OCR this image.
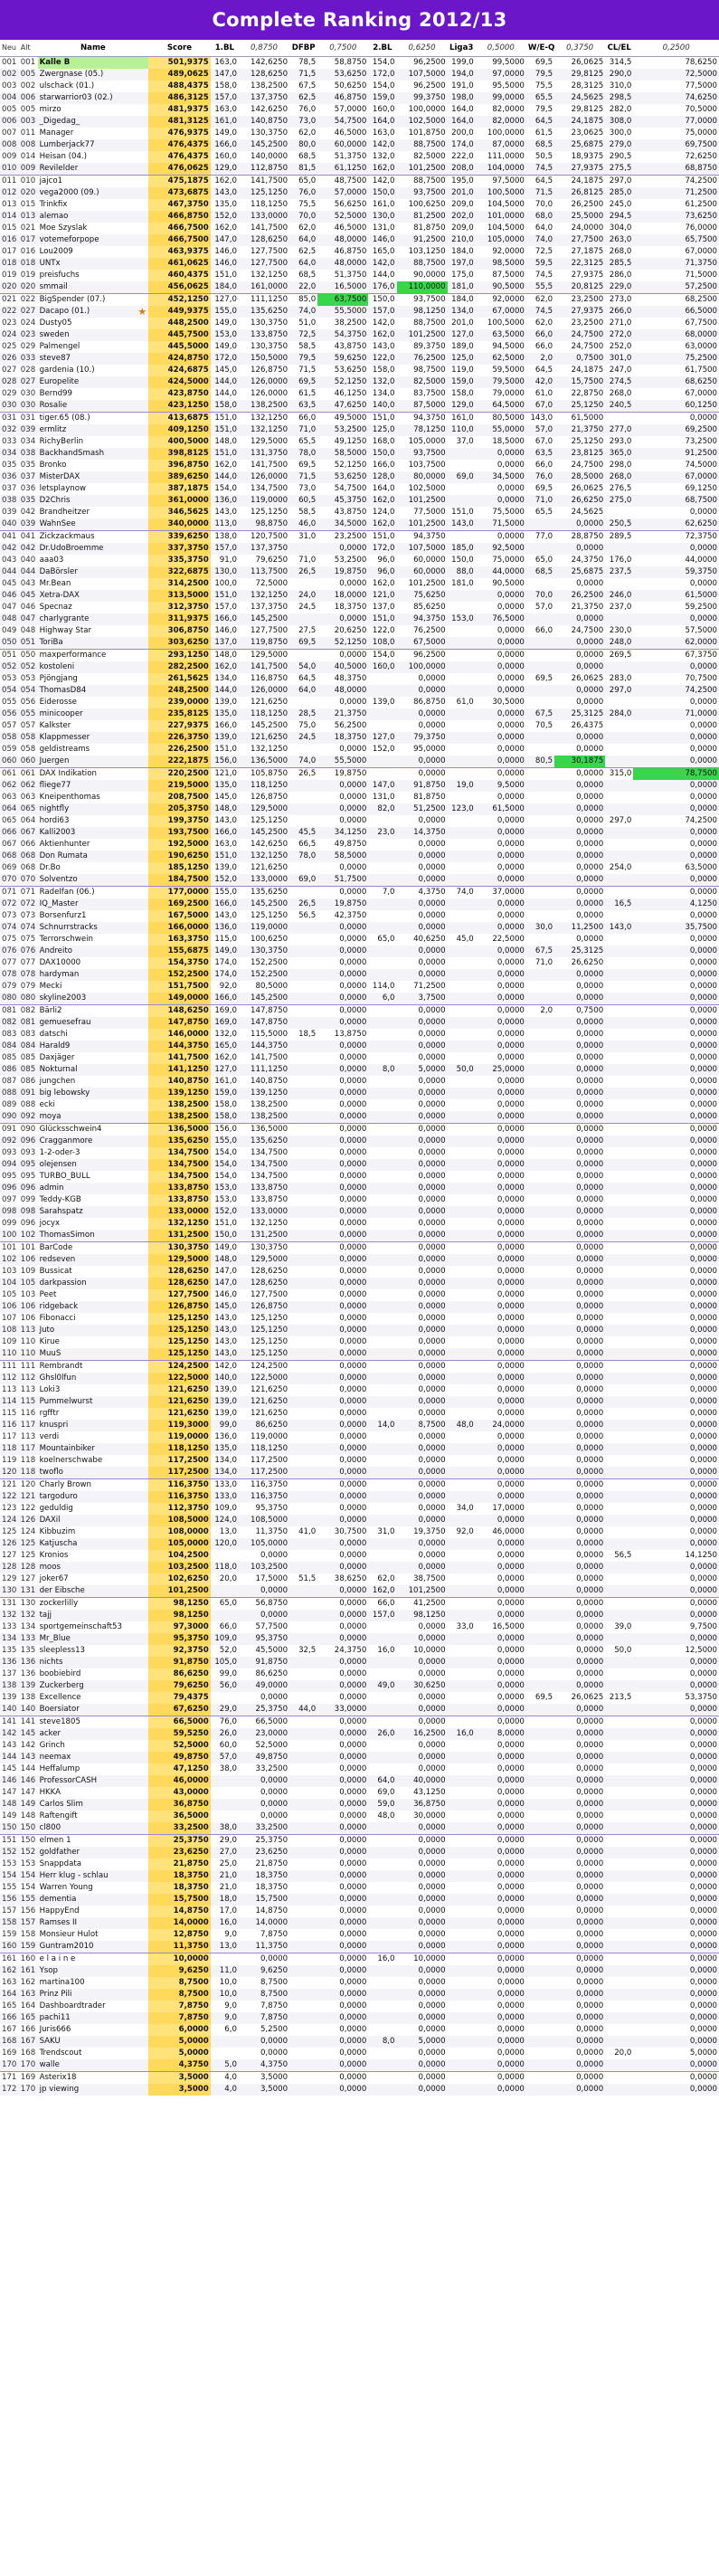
Complete Ranking 2012/13
Neu	Alt	Name	Score	1.BL	0,8750	DFBP	0,7500	2.BL	0,6250	Liga3	0,5000	W/E-Q	0,3750	CL/EL	0,2500
001	001	Kalle B	501,9375	163,0	142,6250	78,5	58,8750	154,0	96,2500	199,0	99,5000	69,5	26,0625	314,5	78,6250
002	005	Zwergnase (05.)	489,0625	147,0	128,6250	71,5	53,6250	172,0	107,5000	194,0	97,0000	79,5	29,8125	290,0	72,5000
003	002	ulschack (01.)	488,4375	158,0	138,2500	67,5	50,6250	154,0	96,2500	191,0	95,5000	75,5	28,3125	310,0	77,5000
004	006	starwarrior03 (02.)	486,3125	157,0	137,3750	62,5	46,8750	159,0	99,3750	198,0	99,0000	65,5	24,5625	298,5	74,6250
005	005	mirzo	481,9375	163,0	142,6250	76,0	57,0000	160,0	100,0000	164,0	82,0000	79,5	29,8125	282,0	70,5000
006	003	_Digedag_	481,3125	161,0	140,8750	73,0	54,7500	164,0	102,5000	164,0	82,0000	64,5	24,1875	308,0	77,0000
007	011	Manager	476,9375	149,0	130,3750	62,0	46,5000	163,0	101,8750	200,0	100,0000	61,5	23,0625	300,0	75,0000
008	008	Lumberjack77	476,4375	166,0	145,2500	80,0	60,0000	142,0	88,7500	174,0	87,0000	68,5	25,6875	279,0	69,7500
009	014	Heisan (04.)	476,4375	160,0	140,0000	68,5	51,3750	132,0	82,5000	222,0	111,0000	50,5	18,9375	290,5	72,6250
010	009	Revilelder	476,0625	129,0	112,8750	81,5	61,1250	162,0	101,2500	208,0	104,0000	74,5	27,9375	275,5	68,8750
011	010	jajco1	475,1875	162,0	141,7500	65,0	48,7500	142,0	88,7500	195,0	97,5000	64,5	24,1875	297,0	74,2500
012	020	vega2000 (09.)	473,6875	143,0	125,1250	76,0	57,0000	150,0	93,7500	201,0	100,5000	71,5	26,8125	285,0	71,2500
013	015	Trinkfix	467,3750	135,0	118,1250	75,5	56,6250	161,0	100,6250	209,0	104,5000	70,0	26,2500	245,0	61,2500
014	013	alemao	466,8750	152,0	133,0000	70,0	52,5000	130,0	81,2500	202,0	101,0000	68,0	25,5000	294,5	73,6250
015	021	Moe Szyslak	466,7500	162,0	141,7500	62,0	46,5000	131,0	81,8750	209,0	104,5000	64,0	24,0000	304,0	76,0000
016	017	votemeforpope	466,7500	147,0	128,6250	64,0	48,0000	146,0	91,2500	210,0	105,0000	74,0	27,7500	263,0	65,7500
017	016	Lou2009	463,9375	146,0	127,7500	62,5	46,8750	165,0	103,1250	184,0	92,0000	72,5	27,1875	268,0	67,0000
018	018	UNTx	461,0625	146,0	127,7500	64,0	48,0000	142,0	88,7500	197,0	98,5000	59,5	22,3125	285,5	71,3750
019	019	preisfuchs	460,4375	151,0	132,1250	68,5	51,3750	144,0	90,0000	175,0	87,5000	74,5	27,9375	286,0	71,5000
020	020	smmail	456,0625	184,0	161,0000	22,0	16,5000	176,0	110,0000	181,0	90,5000	55,5	20,8125	229,0	57,2500
021	022	BigSpender (07.)	452,1250	127,0	111,1250	85,0	63,7500	150,0	93,7500	184,0	92,0000	62,0	23,2500	273,0	68,2500
022	027	Dacapo (01.) ★	449,9375	155,0	135,6250	74,0	55,5000	157,0	98,1250	134,0	67,0000	74,5	27,9375	266,0	66,5000
023	024	Dusty05	448,2500	149,0	130,3750	51,0	38,2500	142,0	88,7500	201,0	100,5000	62,0	23,2500	271,0	67,7500
024	023	sweden	445,7500	153,0	133,8750	72,5	54,3750	162,0	101,2500	127,0	63,5000	66,0	24,7500	272,0	68,0000
025	029	Palmengel	445,5000	149,0	130,3750	58,5	43,8750	143,0	89,3750	189,0	94,5000	66,0	24,7500	252,0	63,0000
026	033	steve87	424,8750	172,0	150,5000	79,5	59,6250	122,0	76,2500	125,0	62,5000	2,0	0,7500	301,0	75,2500
027	028	gardenia (10.)	424,6875	145,0	126,8750	71,5	53,6250	158,0	98,7500	119,0	59,5000	64,5	24,1875	247,0	61,7500
028	027	Europelite	424,5000	144,0	126,0000	69,5	52,1250	132,0	82,5000	159,0	79,5000	42,0	15,7500	274,5	68,6250
029	030	Bernd99	423,8750	144,0	126,0000	61,5	46,1250	134,0	83,7500	158,0	79,0000	61,0	22,8750	268,0	67,0000
030	030	Rosalie	423,1250	158,0	138,2500	63,5	47,6250	140,0	87,5000	129,0	64,5000	67,0	25,1250	240,5	60,1250
031	031	tiger.65 (08.)	413,6875	151,0	132,1250	66,0	49,5000	151,0	94,3750	161,0	80,5000	143,0	61,5000		0,0000
032	039	ermlitz	409,1250	151,0	132,1250	71,0	53,2500	125,0	78,1250	110,0	55,0000	57,0	21,3750	277,0	69,2500
033	034	RichyBerlin	400,5000	148,0	129,5000	65,5	49,1250	168,0	105,0000	37,0	18,5000	67,0	25,1250	293,0	73,2500
034	038	BackhandSmash	398,8125	151,0	131,3750	78,0	58,5000	150,0	93,7500		0,0000	63,5	23,8125	365,0	91,2500
035	035	Bronko	396,8750	162,0	141,7500	69,5	52,1250	166,0	103,7500		0,0000	66,0	24,7500	298,0	74,5000
036	037	MisterDAX	389,6250	144,0	126,0000	71,5	53,6250	128,0	80,0000	69,0	34,5000	76,0	28,5000	268,0	67,0000
037	036	letsplaynow	387,1875	154,0	134,7500	73,0	54,7500	164,0	102,5000		0,0000	69,5	26,0625	276,5	69,1250
038	035	D2Chris	361,0000	136,0	119,0000	60,5	45,3750	162,0	101,2500		0,0000	71,0	26,6250	275,0	68,7500
039	042	Brandheitzer	346,5625	143,0	125,1250	58,5	43,8750	124,0	77,5000	151,0	75,5000	65,5	24,5625		0,0000
040	039	WahnSee	340,0000	113,0	98,8750	46,0	34,5000	162,0	101,2500	143,0	71,5000		0,0000	250,5	62,6250
041	041	Zickzackmaus	339,6250	138,0	120,7500	31,0	23,2500	151,0	94,3750		0,0000	77,0	28,8750	289,5	72,3750
042	042	Dr.UdoBroemme	337,3750	157,0	137,3750		0,0000	172,0	107,5000	185,0	92,5000		0,0000		0,0000
043	040	aaa03	335,3750	91,0	79,6250	71,0	53,2500	96,0	60,0000	150,0	75,0000	65,0	24,3750	176,0	44,0000
044	044	DaBörsler	322,6875	130,0	113,7500	26,5	19,8750	96,0	60,0000	88,0	44,0000	68,5	25,6875	237,5	59,3750
045	043	Mr.Bean	314,2500	100,0	72,5000		0,0000	162,0	101,2500	181,0	90,5000		0,0000		0,0000
046	045	Xetra-DAX	313,5000	151,0	132,1250	24,0	18,0000	121,0	75,6250		0,0000	70,0	26,2500	246,0	61,5000
047	046	Specnaz	312,3750	157,0	137,3750	24,5	18,3750	137,0	85,6250		0,0000	57,0	21,3750	237,0	59,2500
048	047	charlygrante	311,9375	166,0	145,2500		0,0000	151,0	94,3750	153,0	76,5000		0,0000		0,0000
049	048	Highway Star	306,8750	146,0	127,7500	27,5	20,6250	122,0	76,2500		0,0000	66,0	24,7500	230,0	57,5000
050	051	ToriBa	303,6250	137,0	119,8750	69,5	52,1250	108,0	67,5000		0,0000		0,0000	248,0	62,0000
051	050	maxperformance	293,1250	148,0	129,5000		0,0000	154,0	96,2500		0,0000		0,0000	269,5	67,3750
052	052	kostoleni	282,2500	162,0	141,7500	54,0	40,5000	160,0	100,0000		0,0000		0,0000		0,0000
053	053	Pjöngjang	261,5625	134,0	116,8750	64,5	48,3750		0,0000		0,0000	69,5	26,0625	283,0	70,7500
054	054	ThomasD84	248,2500	144,0	126,0000	64,0	48,0000		0,0000		0,0000		0,0000	297,0	74,2500
055	056	Eiderosse	239,0000	139,0	121,6250		0,0000	139,0	86,8750	61,0	30,5000		0,0000		0,0000
056	055	minicooper	235,8125	135,0	118,1250	28,5	21,3750		0,0000		0,0000	67,5	25,3125	284,0	71,0000
057	057	Kalkster	227,9375	166,0	145,2500	75,0	56,2500		0,0000		0,0000	70,5	26,4375		0,0000
058	058	Klappmesser	226,3750	139,0	121,6250	24,5	18,3750	127,0	79,3750		0,0000		0,0000		0,0000
059	058	geldistreams	226,2500	151,0	132,1250		0,0000	152,0	95,0000		0,0000		0,0000		0,0000
060	060	Juergen	222,1875	156,0	136,5000	74,0	55,5000		0,0000		0,0000	80,5	30,1875		0,0000
061	061	DAX Indikation	220,2500	121,0	105,8750	26,5	19,8750		0,0000		0,0000		0,0000	315,0	78,7500
062	062	fliege77	219,5000	135,0	118,1250		0,0000	147,0	91,8750	19,0	9,5000		0,0000		0,0000
063	063	Kneipenthomas	208,7500	145,0	126,8750		0,0000	131,0	81,8750		0,0000		0,0000		0,0000
064	065	nightfly	205,3750	148,0	129,5000		0,0000	82,0	51,2500	123,0	61,5000		0,0000		0,0000
065	064	hordi63	199,3750	143,0	125,1250		0,0000		0,0000		0,0000		0,0000	297,0	74,2500
066	067	Kalli2003	193,7500	166,0	145,2500	45,5	34,1250	23,0	14,3750		0,0000		0,0000		0,0000
067	066	Aktienhunter	192,5000	163,0	142,6250	66,5	49,8750		0,0000		0,0000		0,0000		0,0000
068	068	Don Rumata	190,6250	151,0	132,1250	78,0	58,5000		0,0000		0,0000		0,0000		0,0000
069	068	Dr.Bo	185,1250	139,0	121,6250		0,0000		0,0000		0,0000		0,0000	254,0	63,5000
070	070	Solventzo	184,7500	152,0	133,0000	69,0	51,7500		0,0000		0,0000		0,0000		0,0000
071	071	Radelfan (06.)	177,0000	155,0	135,6250		0,0000	7,0	4,3750	74,0	37,0000		0,0000		0,0000
072	072	IQ_Master	169,2500	166,0	145,2500	26,5	19,8750		0,0000		0,0000		0,0000	16,5	4,1250
073	073	Borsenfurz1	167,5000	143,0	125,1250	56,5	42,3750		0,0000		0,0000		0,0000		0,0000
074	074	Schnurrstracks	166,0000	136,0	119,0000		0,0000		0,0000		0,0000	30,0	11,2500	143,0	35,7500
075	075	Terrorschwein	163,3750	115,0	100,6250		0,0000	65,0	40,6250	45,0	22,5000		0,0000		0,0000
076	076	Andreito	155,6875	149,0	130,3750		0,0000		0,0000		0,0000	67,5	25,3125		0,0000
077	077	DAX10000	154,3750	174,0	152,2500		0,0000		0,0000		0,0000	71,0	26,6250		0,0000
078	078	hardyman	152,2500	174,0	152,2500		0,0000		0,0000		0,0000		0,0000		0,0000
079	079	Mecki	151,7500	92,0	80,5000		0,0000	114,0	71,2500		0,0000		0,0000		0,0000
080	080	skyline2003	149,0000	166,0	145,2500		0,0000	6,0	3,7500		0,0000		0,0000		0,0000
081	082	Bärli2	148,6250	169,0	147,8750		0,0000		0,0000		0,0000	2,0	0,7500		0,0000
082	081	gemuesefrau	147,8750	169,0	147,8750		0,0000		0,0000		0,0000		0,0000		0,0000
083	083	datschi	146,0000	132,0	115,5000	18,5	13,8750		0,0000		0,0000		0,0000		0,0000
084	084	Harald9	144,3750	165,0	144,3750		0,0000		0,0000		0,0000		0,0000		0,0000
085	085	Daxjäger	141,7500	162,0	141,7500		0,0000		0,0000		0,0000		0,0000		0,0000
086	085	Nokturnal	141,1250	127,0	111,1250		0,0000	8,0	5,0000	50,0	25,0000		0,0000		0,0000
087	086	jungchen	140,8750	161,0	140,8750		0,0000		0,0000		0,0000		0,0000		0,0000
088	091	big lebowsky	139,1250	159,0	139,1250		0,0000		0,0000		0,0000		0,0000		0,0000
089	088	ecki	138,2500	158,0	138,2500		0,0000		0,0000		0,0000		0,0000		0,0000
090	092	moya	138,2500	158,0	138,2500		0,0000		0,0000		0,0000		0,0000		0,0000
091	090	Glücksschwein4	136,5000	156,0	136,5000		0,0000		0,0000		0,0000		0,0000		0,0000
092	096	Cragganmore	135,6250	155,0	135,6250		0,0000		0,0000		0,0000		0,0000		0,0000
093	093	1-2-oder-3	134,7500	154,0	134,7500		0,0000		0,0000		0,0000		0,0000		0,0000
094	095	olejensen	134,7500	154,0	134,7500		0,0000		0,0000		0,0000		0,0000		0,0000
095	095	TURBO_BULL	134,7500	154,0	134,7500		0,0000		0,0000		0,0000		0,0000		0,0000
096	096	admin	133,8750	153,0	133,8750		0,0000		0,0000		0,0000		0,0000		0,0000
097	099	Teddy-KGB	133,8750	153,0	133,8750		0,0000		0,0000		0,0000		0,0000		0,0000
098	098	Sarahspatz	133,0000	152,0	133,0000		0,0000		0,0000		0,0000		0,0000		0,0000
099	096	jocyx	132,1250	151,0	132,1250		0,0000		0,0000		0,0000		0,0000		0,0000
100	102	ThomasSimon	131,2500	150,0	131,2500		0,0000		0,0000		0,0000		0,0000		0,0000
101	101	BarCode	130,3750	149,0	130,3750		0,0000		0,0000		0,0000		0,0000		0,0000
102	106	redseven	129,5000	148,0	129,5000		0,0000		0,0000		0,0000		0,0000		0,0000
103	109	Bussicat	128,6250	147,0	128,6250		0,0000		0,0000		0,0000		0,0000		0,0000
104	105	darkpassion	128,6250	147,0	128,6250		0,0000		0,0000		0,0000		0,0000		0,0000
105	103	Peet	127,7500	146,0	127,7500		0,0000		0,0000		0,0000		0,0000		0,0000
106	106	ridgeback	126,8750	145,0	126,8750		0,0000		0,0000		0,0000		0,0000		0,0000
107	106	Fibonacci	125,1250	143,0	125,1250		0,0000		0,0000		0,0000		0,0000		0,0000
108	113	Juto	125,1250	143,0	125,1250		0,0000		0,0000		0,0000		0,0000		0,0000
109	110	Kirue	125,1250	143,0	125,1250		0,0000		0,0000		0,0000		0,0000		0,0000
110	110	MuuS	125,1250	143,0	125,1250		0,0000		0,0000		0,0000		0,0000		0,0000
111	111	Rembrandt	124,2500	142,0	124,2500		0,0000		0,0000		0,0000		0,0000		0,0000
112	112	Ghsl0lfun	122,5000	140,0	122,5000		0,0000		0,0000		0,0000		0,0000		0,0000
113	113	Loki3	121,6250	139,0	121,6250		0,0000		0,0000		0,0000		0,0000		0,0000
114	115	Pummelwurst	121,6250	139,0	121,6250		0,0000		0,0000		0,0000		0,0000		0,0000
115	116	rgfftr	121,6250	139,0	121,6250		0,0000		0,0000		0,0000		0,0000		0,0000
116	117	knuspri	119,3000	99,0	86,6250		0,0000	14,0	8,7500	48,0	24,0000		0,0000		0,0000
117	113	verdi	119,0000	136,0	119,0000		0,0000		0,0000		0,0000		0,0000		0,0000
118	117	Mountainbiker	118,1250	135,0	118,1250		0,0000		0,0000		0,0000		0,0000		0,0000
119	118	koelnerschwabe	117,2500	134,0	117,2500		0,0000		0,0000		0,0000		0,0000		0,0000
120	118	twoflo	117,2500	134,0	117,2500		0,0000		0,0000		0,0000		0,0000		0,0000
121	120	Charly Brown	116,3750	133,0	116,3750		0,0000		0,0000		0,0000		0,0000		0,0000
122	121	targoduro	116,3750	133,0	116,3750		0,0000		0,0000		0,0000		0,0000		0,0000
123	122	geduldig	112,3750	109,0	95,3750		0,0000		0,0000	34,0	17,0000		0,0000		0,0000
124	126	DAXil	108,5000	124,0	108,5000		0,0000		0,0000		0,0000		0,0000		0,0000
125	124	Kibbuzim	108,0000	13,0	11,3750	41,0	30,7500	31,0	19,3750	92,0	46,0000		0,0000		0,0000
126	125	Katjuscha	105,0000	120,0	105,0000		0,0000		0,0000		0,0000		0,0000		0,0000
127	125	Kronios	104,2500		0,0000		0,0000		0,0000		0,0000		0,0000	56,5	14,1250
128	128	moos	103,2500	118,0	103,2500		0,0000		0,0000		0,0000		0,0000		0,0000
129	127	joker67	102,6250	20,0	17,5000	51,5	38,6250	62,0	38,7500		0,0000		0,0000		0,0000
130	131	der Eibsche	101,2500		0,0000		0,0000	162,0	101,2500		0,0000		0,0000		0,0000
131	130	zockerlilly	98,1250	65,0	56,8750		0,0000	66,0	41,2500		0,0000		0,0000		0,0000
132	132	tajj	98,1250		0,0000		0,0000	157,0	98,1250		0,0000		0,0000		0,0000
133	134	sportgemeinschaft53	97,3000	66,0	57,7500		0,0000		0,0000	33,0	16,5000		0,0000	39,0	9,7500
134	133	Mr_Blue	95,3750	109,0	95,3750		0,0000		0,0000		0,0000		0,0000		0,0000
135	135	sleepless13	92,3750	52,0	45,5000	32,5	24,3750	16,0	10,0000		0,0000		0,0000	50,0	12,5000
136	136	nichts	91,8750	105,0	91,8750		0,0000		0,0000		0,0000		0,0000		0,0000
137	136	boobiebird	86,6250	99,0	86,6250		0,0000		0,0000		0,0000		0,0000		0,0000
138	139	Zuckerberg	79,6250	56,0	49,0000		0,0000	49,0	30,6250		0,0000		0,0000		0,0000
139	138	Excellence	79,4375		0,0000		0,0000		0,0000		0,0000	69,5	26,0625	213,5	53,3750
140	140	Boersiator	67,6250	29,0	25,3750	44,0	33,0000		0,0000		0,0000		0,0000		0,0000
141	141	steve1805	66,5000	76,0	66,5000		0,0000		0,0000		0,0000		0,0000		0,0000
142	145	acker	59,5250	26,0	23,0000		0,0000	26,0	16,2500	16,0	8,0000		0,0000		0,0000
143	142	Grinch	52,5000	60,0	52,5000		0,0000		0,0000		0,0000		0,0000		0,0000
144	143	neemax	49,8750	57,0	49,8750		0,0000		0,0000		0,0000		0,0000		0,0000
145	144	Heffalump	47,1250	38,0	33,2500		0,0000		0,0000		0,0000		0,0000		0,0000
146	146	ProfessorCASH	46,0000		0,0000		0,0000	64,0	40,0000		0,0000		0,0000		0,0000
147	147	HKKA	43,0000		0,0000		0,0000	69,0	43,1250		0,0000		0,0000		0,0000
148	149	Carlos Slim	36,8750		0,0000		0,0000	59,0	36,8750		0,0000		0,0000		0,0000
149	148	Raftengift	36,5000		0,0000		0,0000	48,0	30,0000		0,0000		0,0000		0,0000
150	150	cl800	33,2500	38,0	33,2500		0,0000		0,0000		0,0000		0,0000		0,0000
151	150	elmen 1	25,3750	29,0	25,3750		0,0000		0,0000		0,0000		0,0000		0,0000
152	152	goldfather	23,6250	27,0	23,6250		0,0000		0,0000		0,0000		0,0000		0,0000
153	153	Snappdata	21,8750	25,0	21,8750		0,0000		0,0000		0,0000		0,0000		0,0000
154	154	Herr klug - schlau	18,3750	21,0	18,3750		0,0000		0,0000		0,0000		0,0000		0,0000
155	154	Warren Young	18,3750	21,0	18,3750		0,0000		0,0000		0,0000		0,0000		0,0000
156	155	dementia	15,7500	18,0	15,7500		0,0000		0,0000		0,0000		0,0000		0,0000
157	156	HappyEnd	14,8750	17,0	14,8750		0,0000		0,0000		0,0000		0,0000		0,0000
158	157	Ramses II	14,0000	16,0	14,0000		0,0000		0,0000		0,0000		0,0000		0,0000
159	158	Monsieur Hulot	12,8750	9,0	7,8750		0,0000		0,0000		0,0000		0,0000		0,0000
160	159	Guntram2010	11,3750	13,0	11,3750		0,0000		0,0000		0,0000		0,0000		0,0000
161	160	e l a i n e	10,0000		0,0000		0,0000	16,0	10,0000		0,0000		0,0000		0,0000
162	161	Ysop	9,6250	11,0	9,6250		0,0000		0,0000		0,0000		0,0000		0,0000
163	162	martina100	8,7500	10,0	8,7500		0,0000		0,0000		0,0000		0,0000		0,0000
164	163	Prinz Pili	8,7500	10,0	8,7500		0,0000		0,0000		0,0000		0,0000		0,0000
165	164	Dashboardtrader	7,8750	9,0	7,8750		0,0000		0,0000		0,0000		0,0000		0,0000
166	165	pachi11	7,8750	9,0	7,8750		0,0000		0,0000		0,0000		0,0000		0,0000
167	166	Juris666	6,0000	6,0	5,2500		0,0000		0,0000		0,0000		0,0000		0,0000
168	167	SAKU	5,0000		0,0000		0,0000	8,0	5,0000		0,0000		0,0000		0,0000
169	168	Trendscout	5,0000		0,0000		0,0000		0,0000		0,0000		0,0000	20,0	5,0000
170	170	walle	4,3750	5,0	4,3750		0,0000		0,0000		0,0000		0,0000		0,0000
171	169	Asterix18	3,5000	4,0	3,5000		0,0000		0,0000		0,0000		0,0000		0,0000
172	170	jp viewing	3,5000	4,0	3,5000		0,0000		0,0000		0,0000		0,0000		0,0000
